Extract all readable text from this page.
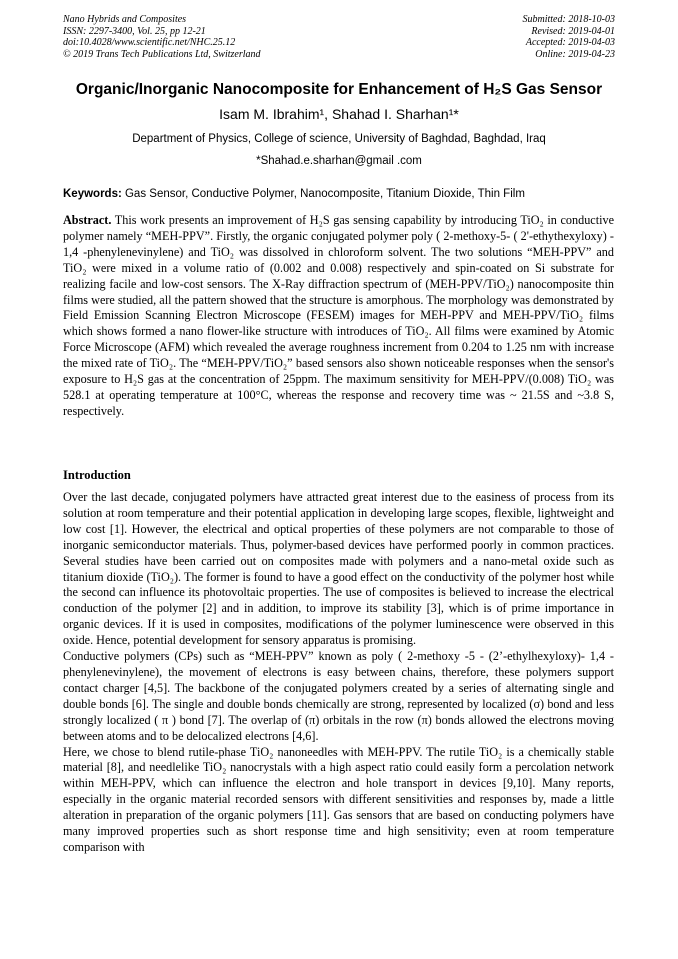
Nano Hybrids and Composites
ISSN: 2297-3400, Vol. 25, pp 12-21
doi:10.4028/www.scientific.net/NHC.25.12
© 2019 Trans Tech Publications Ltd, Switzerland
Submitted: 2018-10-03
Revised: 2019-04-01
Accepted: 2019-04-03
Online: 2019-04-23
Organic/Inorganic Nanocomposite for Enhancement of H₂S Gas Sensor
Isam M. Ibrahim¹, Shahad I. Sharhan¹*
Department of Physics, College of science, University of Baghdad, Baghdad, Iraq
*Shahad.e.sharhan@gmail .com
Keywords: Gas Sensor, Conductive Polymer, Nanocomposite, Titanium Dioxide, Thin Film
Abstract. This work presents an improvement of H₂S gas sensing capability by introducing TiO₂ in conductive polymer namely “MEH-PPV”. Firstly, the organic conjugated polymer poly ( 2-methoxy-5- ( 2'-ethythexyloxy) - 1,4 -phenylenevinylene) and TiO₂ was dissolved in chloroform solvent. The two solutions “MEH-PPV” and TiO₂ were mixed in a volume ratio of (0.002 and 0.008) respectively and spin-coated on Si substrate for realizing facile and low-cost sensors. The X-Ray diffraction spectrum of (MEH-PPV/TiO₂) nanocomposite thin films were studied, all the pattern showed that the structure is amorphous. The morphology was demonstrated by Field Emission Scanning Electron Microscope (FESEM) images for MEH-PPV and MEH-PPV/TiO₂ films which shows formed a nano flower-like structure with introduces of TiO₂. All films were examined by Atomic Force Microscope (AFM) which revealed the average roughness increment from 0.204 to 1.25 nm with increase the mixed rate of TiO₂. The “MEH-PPV/TiO₂” based sensors also shown noticeable responses when the sensor's exposure to H₂S gas at the concentration of 25ppm. The maximum sensitivity for MEH-PPV/(0.008) TiO₂ was 528.1 at operating temperature at 100°C, whereas the response and recovery time was ~ 21.5S and ~3.8 S, respectively.
Introduction

Over the last decade, conjugated polymers have attracted great interest due to the easiness of process from its solution at room temperature and their potential application in developing large scopes, flexible, lightweight and low cost [1]. However, the electrical and optical properties of these polymers are not comparable to those of inorganic semiconductor materials. Thus, polymer-based devices have performed poorly in common practices. Several studies have been carried out on composites made with polymers and a nano-metal oxide such as titanium dioxide (TiO₂). The former is found to have a good effect on the conductivity of the polymer host while the second can influence its photovoltaic properties. The use of composites is believed to increase the electrical conduction of the polymer [2] and in addition, to improve its stability [3], which is of prime importance in organic devices. If it is used in composites, modifications of the polymer luminescence were observed in this oxide. Hence, potential development for sensory apparatus is promising.

Conductive polymers (CPs) such as “MEH-PPV” known as poly ( 2-methoxy -5 - (2’-ethylhexyloxy)- 1,4 -phenylenevinylene), the movement of electrons is easy between chains, therefore, these polymers support contact charger [4,5]. The backbone of the conjugated polymers created by a series of alternating single and double bonds [6]. The single and double bonds chemically are strong, represented by localized (σ) bond and less strongly localized ( π ) bond [7]. The overlap of (π) orbitals in the row (π) bonds allowed the electrons moving between atoms and to be delocalized electrons [4,6].

Here, we chose to blend rutile-phase TiO₂ nanoneedles with MEH-PPV. The rutile TiO₂ is a chemically stable material [8], and needlelike TiO₂ nanocrystals with a high aspect ratio could easily form a percolation network within MEH-PPV, which can influence the electron and hole transport in devices [9,10]. Many reports, especially in the organic material recorded sensors with different sensitivities and responses by, made a little alteration in preparation of the organic polymers [11]. Gas sensors that are based on conducting polymers have many improved properties such as short response time and high sensitivity; even at room temperature comparison with
